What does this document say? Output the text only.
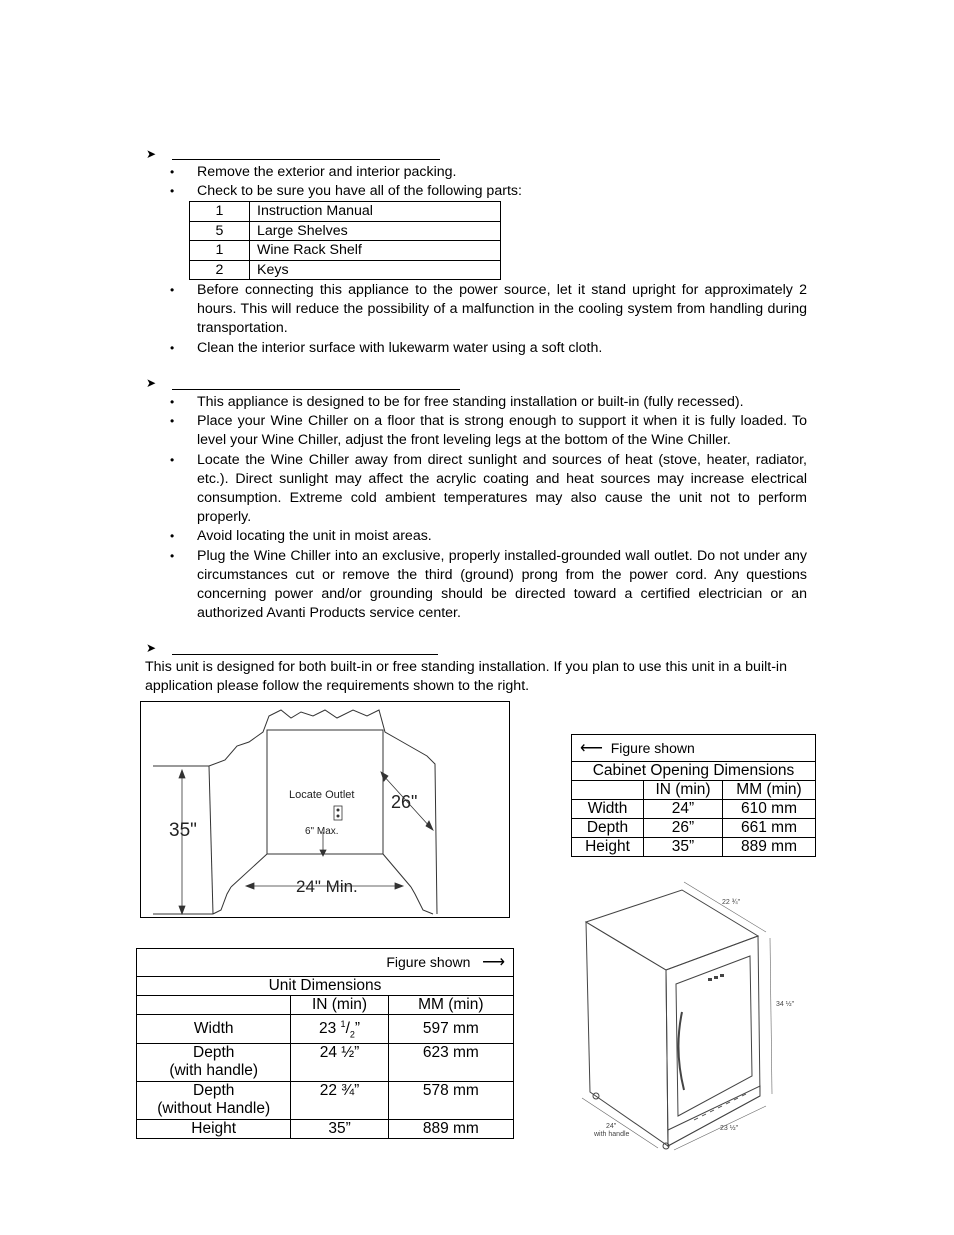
➤
• Remove the exterior and interior packing.
• Check to be sure you have all of the following parts:
1	Instruction Manual
5	Large Shelves
1	Wine Rack Shelf
2	Keys
• Before connecting this appliance to the power source, let it stand upright for approximately 2 hours. This will reduce the possibility of a malfunction in the cooling system from handling during transportation.
• Clean the interior surface with lukewarm water using a soft cloth.
➤
• This appliance is designed to be for free standing installation or built-in (fully recessed).
• Place your Wine Chiller on a floor that is strong enough to support it when it is fully loaded. To level your Wine Chiller, adjust the front leveling legs at the bottom of the Wine Chiller.
• Locate the Wine Chiller away from direct sunlight and sources of heat (stove, heater, radiator, etc.). Direct sunlight may affect the acrylic coating and heat sources may increase electrical consumption. Extreme cold ambient temperatures may also cause the unit not to perform properly.
• Avoid locating the unit in moist areas.
• Plug the Wine Chiller into an exclusive, properly installed-grounded wall outlet. Do not under any circumstances cut or remove the third (ground) prong from the power cord. Any questions concerning power and/or grounding should be directed toward a certified electrician or an authorized Avanti Products service center.
➤
This unit is designed for both built-in or free standing installation. If you plan to use this unit in a built-in application please follow the requirements shown to the right.
Locate Outlet
6" Max.
26"
35"
24" Min.
⟵ Figure shown		
Cabinet Opening Dimensions		
	IN (min)	MM (min)
Width	24”	610 mm
Depth	26”	661 mm
Height	35”	889 mm
Figure shown ⟶		
Unit Dimensions		
	IN (min)	MM (min)
Width	23 $^1/_2$”	597 mm

Depth
(with handle)	24 ½”	623 mm

Depth
(without Handle)	22 ¾”	578 mm
Height	35”	889 mm
22 ¾"
34 ½"
23 ½"
24"
with handle
